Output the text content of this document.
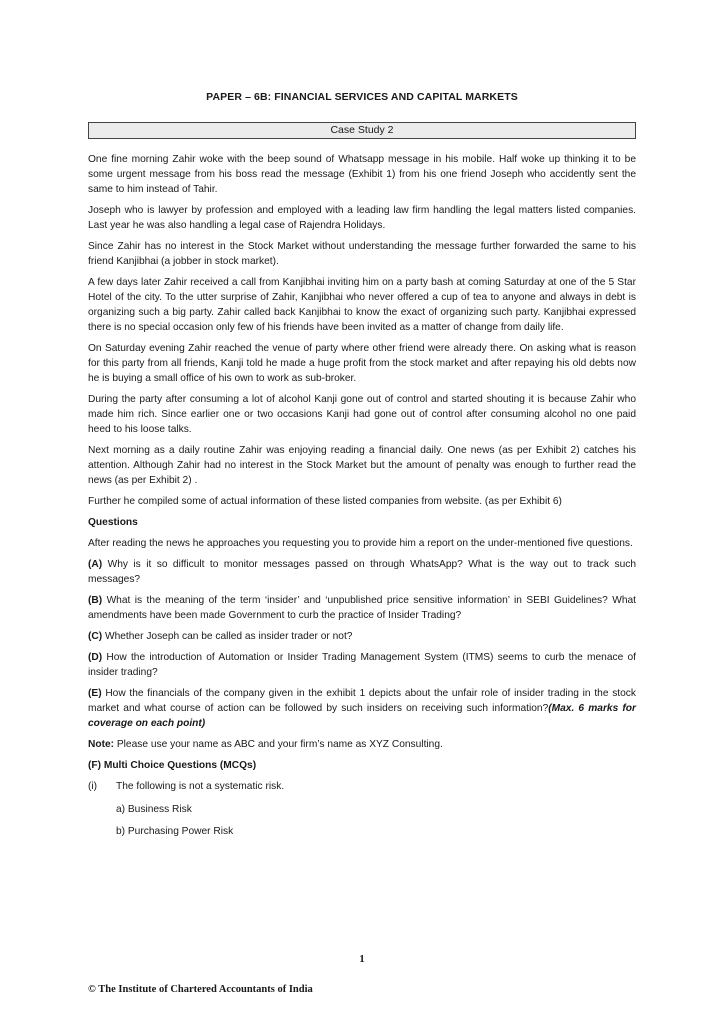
PAPER – 6B: FINANCIAL SERVICES AND CAPITAL MARKETS
Case Study 2

One fine morning Zahir woke with the beep sound of Whatsapp message in his mobile. Half woke up thinking it to be some urgent message from his boss read the message (Exhibit 1) from his one friend Joseph who accidently sent the same to him instead of Tahir.

Joseph who is lawyer by profession and employed with a leading law firm handling the legal matters listed companies. Last year he was also handling a legal case of Rajendra Holidays.

Since Zahir has no interest in the Stock Market without understanding the message further forwarded the same to his friend Kanjibhai (a jobber in stock market).

A few days later Zahir received a call from Kanjibhai inviting him on a party bash at coming Saturday at one of the 5 Star Hotel of the city. To the utter surprise of Zahir, Kanjibhai who never offered a cup of tea to anyone and always in debt is organizing such a big party. Zahir called back Kanjibhai to know the exact of organizing such party. Kanjibhai expressed there is no special occasion only few of his friends have been invited as a matter of change from daily life.

On Saturday evening Zahir reached the venue of party where other friend were already there. On asking what is reason for this party from all friends, Kanji told he made a huge profit from the stock market and after repaying his old debts now he is buying a small office of his own to work as sub-broker.

During the party after consuming a lot of alcohol Kanji gone out of control and started shouting it is because Zahir who made him rich. Since earlier one or two occasions Kanji had gone out of control after consuming alcohol no one paid heed to his loose talks.

Next morning as a daily routine Zahir was enjoying reading a financial daily. One news (as per Exhibit 2) catches his attention. Although Zahir had no interest in the Stock Market but the amount of penalty was enough to further read the news (as per Exhibit 2) .

Further he compiled some of actual information of these listed companies from website. (as per Exhibit 6)

Questions

After reading the news he approaches you requesting you to provide him a report on the under-mentioned five questions.

(A) Why is it so difficult to monitor messages passed on through WhatsApp? What is the way out to track such messages?

(B) What is the meaning of the term ‘insider’ and ‘unpublished price sensitive information’ in SEBI Guidelines? What amendments have been made Government to curb the practice of Insider Trading?

(C) Whether Joseph can be called as insider trader or not?

(D) How the introduction of Automation or Insider Trading Management System (ITMS) seems to curb the menace of insider trading?

(E) How the financials of the company given in the exhibit 1 depicts about the unfair role of insider trading in the stock market and what course of action can be followed by such insiders on receiving such information?(Max. 6 marks for coverage on each point)

Note: Please use your name as ABC and your firm’s name as XYZ Consulting.

(F) Multi Choice Questions (MCQs)

(i)	The following is not a systematic risk.
a) Business Risk
b) Purchasing Power Risk
1
© The Institute of Chartered Accountants of India
